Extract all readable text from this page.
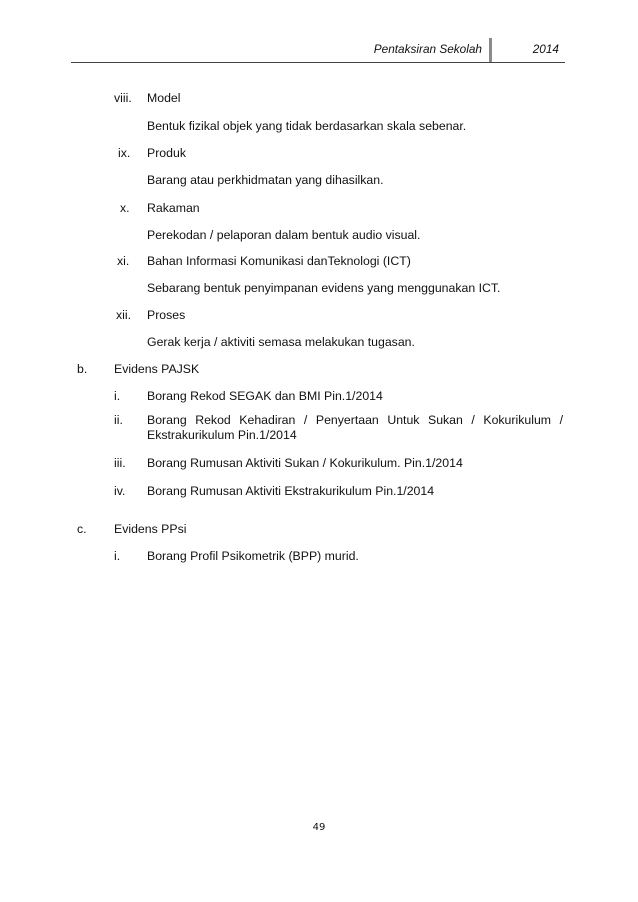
Pentaksiran Sekolah	2014
viii. Model
Bentuk fizikal objek yang tidak berdasarkan skala sebenar.
ix. Produk
Barang atau perkhidmatan yang dihasilkan.
x. Rakaman
Perekodan / pelaporan dalam bentuk audio visual.
xi. Bahan Informasi Komunikasi danTeknologi (ICT)
Sebarang bentuk penyimpanan evidens yang menggunakan ICT.
xii. Proses
Gerak kerja / aktiviti semasa melakukan tugasan.
b. Evidens PAJSK
i. Borang Rekod SEGAK dan BMI Pin.1/2014
ii. Borang Rekod Kehadiran / Penyertaan Untuk Sukan / Kokurikulum /
Ekstrakurikulum Pin.1/2014
iii. Borang Rumusan Aktiviti Sukan / Kokurikulum. Pin.1/2014
iv. Borang Rumusan Aktiviti Ekstrakurikulum Pin.1/2014
c. Evidens PPsi
i. Borang Profil Psikometrik (BPP) murid.
49
